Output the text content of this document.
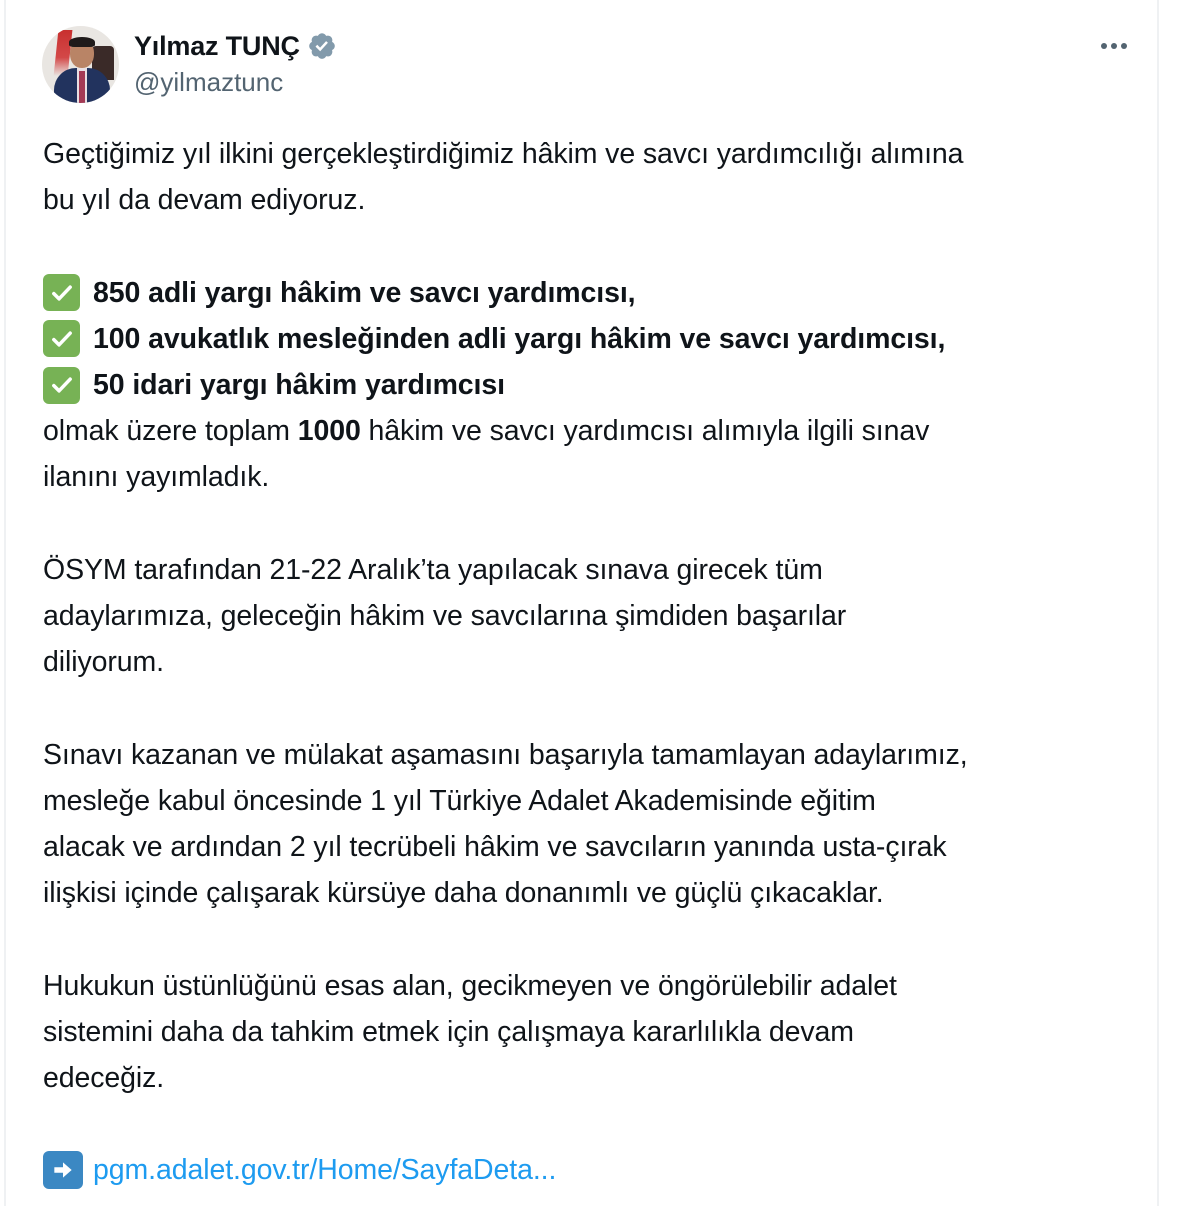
Yılmaz TUNÇ
@yilmaztunc

Geçtiğimiz yıl ilkini gerçekleştirdiğimiz hâkim ve savcı yardımcılığı alımına

bu yıl da devam ediyoruz.

850 adli yargı hâkim ve savcı yardımcısı,
100 avukatlık mesleğinden adli yargı hâkim ve savcı yardımcısı,
50 idari yargı hâkim yardımcısı

olmak üzere toplam 1000 hâkim ve savcı yardımcısı alımıyla ilgili sınav

ilanını yayımladık.

ÖSYM tarafından 21-22 Aralık’ta yapılacak sınava girecek tüm

adaylarımıza, geleceğin hâkim ve savcılarına şimdiden başarılar

diliyorum.

Sınavı kazanan ve mülakat aşamasını başarıyla tamamlayan adaylarımız,

mesleğe kabul öncesinde 1 yıl Türkiye Adalet Akademisinde eğitim

alacak ve ardından 2 yıl tecrübeli hâkim ve savcıların yanında usta-çırak

ilişkisi içinde çalışarak kürsüye daha donanımlı ve güçlü çıkacaklar.

Hukukun üstünlüğünü esas alan, gecikmeyen ve öngörülebilir adalet

sistemini daha da tahkim etmek için çalışmaya kararlılıkla devam

edeceğiz.

pgm.adalet.gov.tr/Home/SayfaDeta...
